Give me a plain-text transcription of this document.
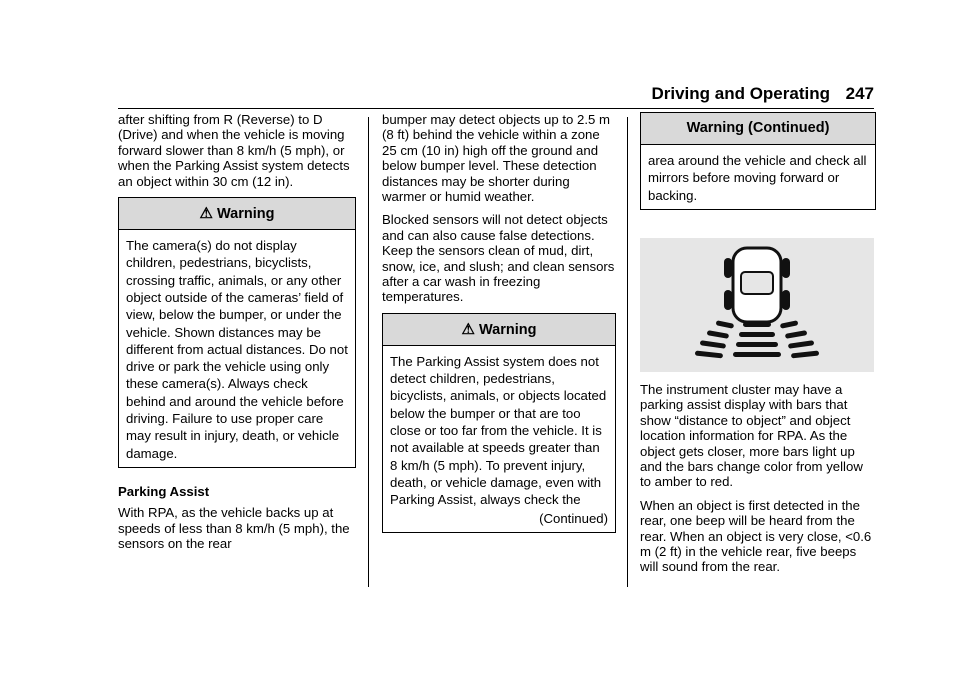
Driving and Operating 247

after shifting from R (Reverse) to D (Drive) and when the vehicle is moving forward slower than 8 km/h (5 mph), or when the Parking Assist system detects an object within 30 cm (12 in).

⚠ Warning
The camera(s) do not display children, pedestrians, bicyclists, crossing traffic, animals, or any other object outside of the cameras’ field of view, below the bumper, or under the vehicle. Shown distances may be different from actual distances. Do not drive or park the vehicle using only these camera(s). Always check behind and around the vehicle before driving. Failure to use proper care may result in injury, death, or vehicle damage.
Parking Assist

With RPA, as the vehicle backs up at speeds of less than 8 km/h (5 mph), the sensors on the rear

bumper may detect objects up to 2.5 m (8 ft) behind the vehicle within a zone 25 cm (10 in) high off the ground and below bumper level. These detection distances may be shorter during warmer or humid weather.

Blocked sensors will not detect objects and can also cause false detections. Keep the sensors clean of mud, dirt, snow, ice, and slush; and clean sensors after a car wash in freezing temperatures.

⚠ Warning
The Parking Assist system does not detect children, pedestrians, bicyclists, animals, or objects located below the bumper or that are too close or too far from the vehicle. It is not available at speeds greater than 8 km/h (5 mph). To prevent injury, death, or vehicle damage, even with Parking Assist, always check the
(Continued)
Warning (Continued)
area around the vehicle and check all mirrors before moving forward or backing.

The instrument cluster may have a parking assist display with bars that show “distance to object” and object location information for RPA. As the object gets closer, more bars light up and the bars change color from yellow to amber to red.

When an object is first detected in the rear, one beep will be heard from the rear. When an object is very close, <0.6 m (2 ft) in the vehicle rear, five beeps will sound from the rear.
